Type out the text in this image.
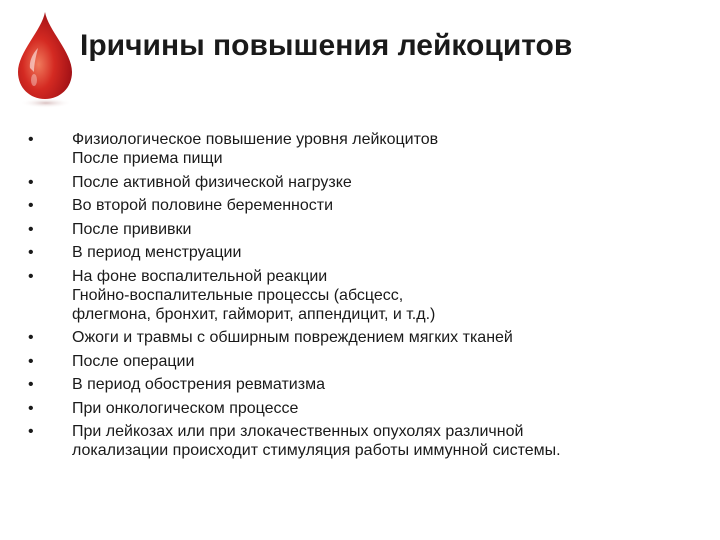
Iричины повышения лейкоцитов
•	Физиологическое повышение уровня лейкоцитов
После приема пищи
•	После активной физической нагрузке
•	Во второй половине беременности
•	После прививки
•	В период менструации
•	На фоне воспалительной реакции
Гнойно-воспалительные процессы (абсцесс,
флегмона, бронхит, гайморит, аппендицит, и т.д.)
•	Ожоги и травмы с обширным повреждением мягких тканей
•	После операции
•	В период обострения ревматизма
•	При онкологическом процессе
•	При лейкозах или при злокачественных опухолях различной
локализации происходит стимуляция работы иммунной системы.
